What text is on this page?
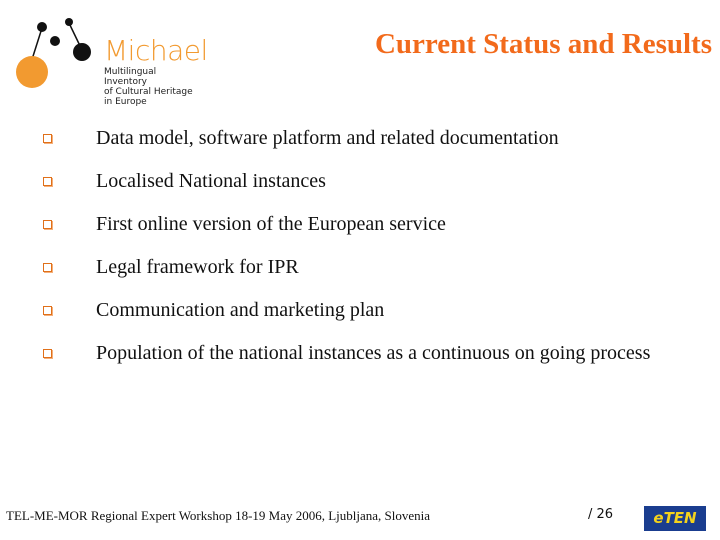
Michael
Multilingual
Inventory
of Cultural Heritage
in Europe
Current Status and Results
Data model, software platform and related documentation
Localised National instances
First online version of the European service
Legal framework for IPR
Communication and marketing plan
Population of the national instances as a continuous on going process
TEL-ME-MOR Regional Expert Workshop 18-19 May 2006, Ljubljana, Slovenia	/ 26	eTEN
